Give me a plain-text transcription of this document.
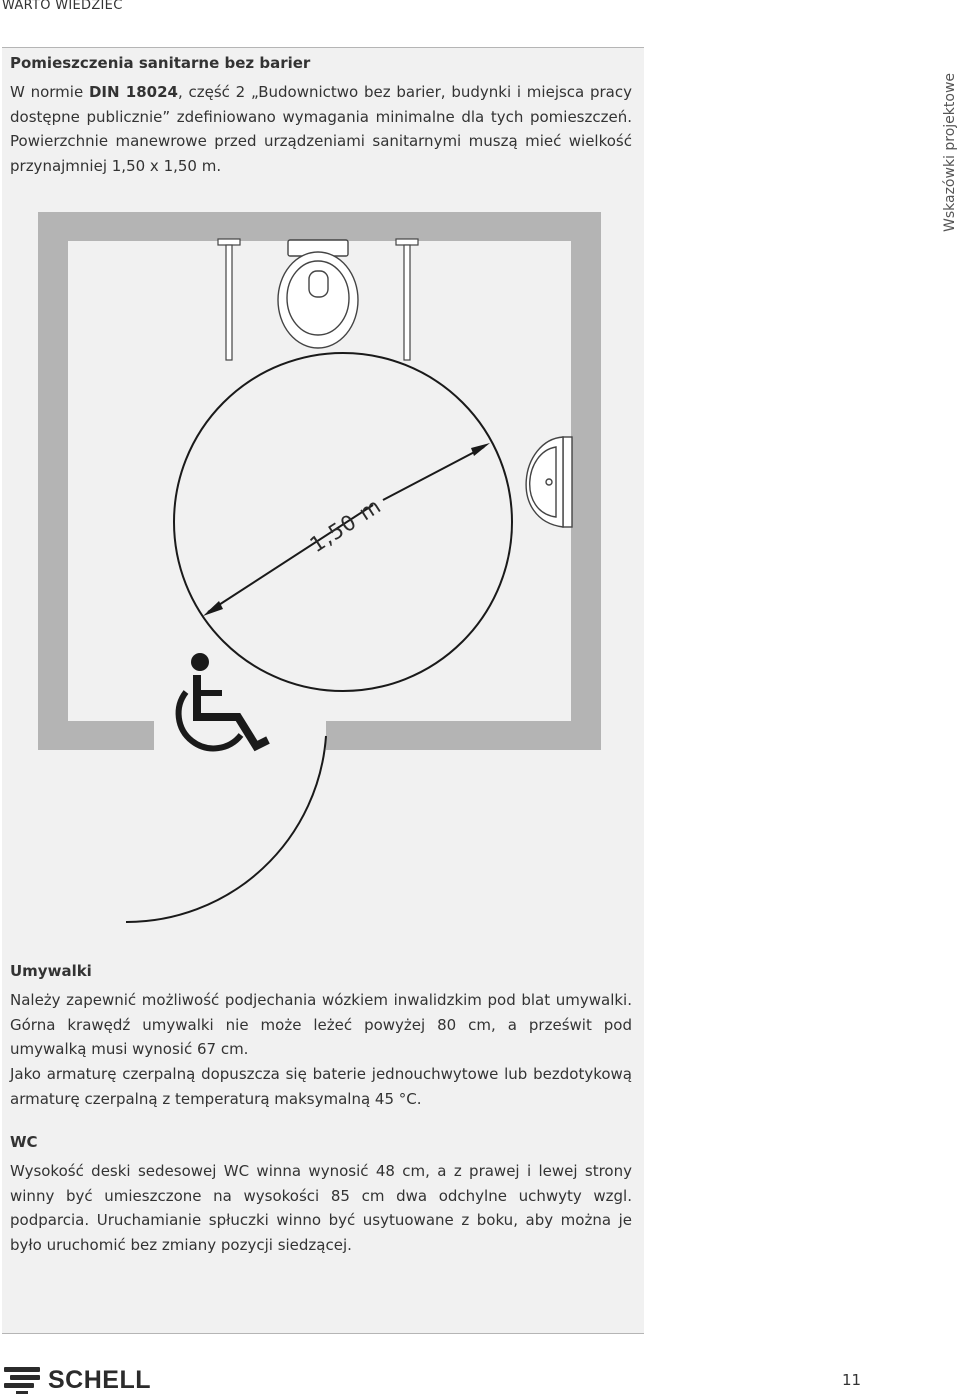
WARTO WIEDZIEC
Pomieszczenia sanitarne bez barier

W normie DIN 18024, część 2 „Budownictwo bez barier, budynki i miejsca pracy dostępne publicznie” zdefiniowano wymagania minimalne dla tych pomieszczeń. Powierzchnie manewrowe przed urządzeniami sanitarnymi muszą mieć wielkość przynajmniej 1,50 x 1,50 m.

1,50 m
Wskazówki projektowe
Umywalki

Należy zapewnić możliwość podjechania wózkiem inwalidzkim pod blat umywalki. Górna krawędź umywalki nie może leżeć powyżej 80 cm, a prześwit pod umywalką musi wynosić 67 cm.

Jako armaturę czerpalną dopuszcza się baterie jednouchwytowe lub bezdotykową armaturę czerpalną z temperaturą maksymalną 45 °C.

WC

Wysokość deski sedesowej WC winna wynosić 48 cm, a z prawej i lewej strony winny być umieszczone na wysokości 85 cm dwa odchylne uchwyty wzgl. podparcia. Uruchamianie spłuczki winno być usytuowane z boku, aby można je było uruchomić bez zmiany pozycji siedzącej.

SCHELL	11
